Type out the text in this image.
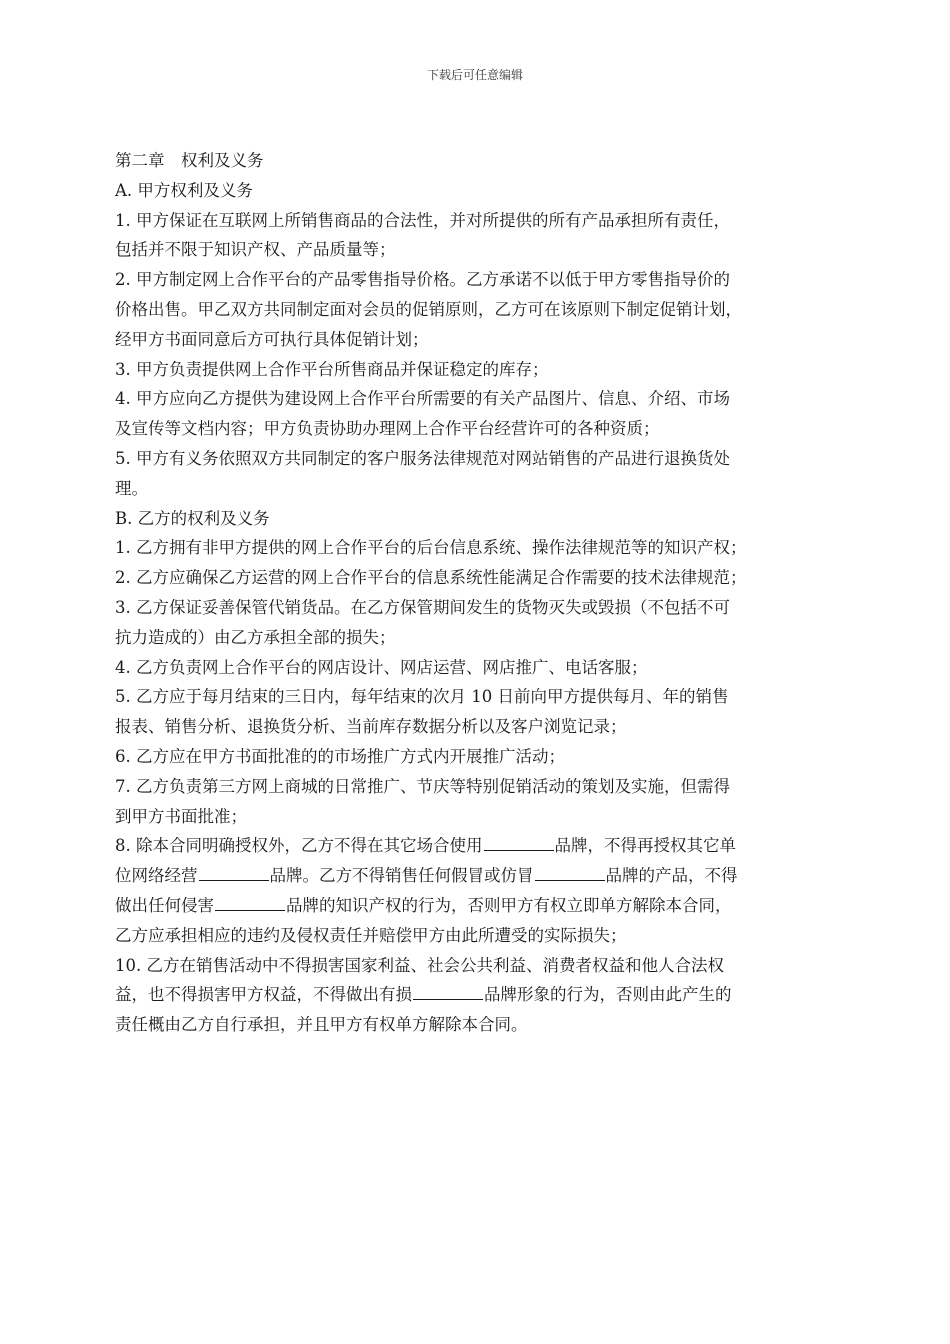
下载后可任意编辑
第二章　权利及义务
A. 甲方权利及义务
1. 甲方保证在互联网上所销售商品的合法性，并对所提供的所有产品承担所有责任，
包括并不限于知识产权、产品质量等；
2. 甲方制定网上合作平台的产品零售指导价格。乙方承诺不以低于甲方零售指导价的
价格出售。甲乙双方共同制定面对会员的促销原则，乙方可在该原则下制定促销计划，
经甲方书面同意后方可执行具体促销计划；
3. 甲方负责提供网上合作平台所售商品并保证稳定的库存；
4. 甲方应向乙方提供为建设网上合作平台所需要的有关产品图片、信息、介绍、市场
及宣传等文档内容；甲方负责协助办理网上合作平台经营许可的各种资质；
5. 甲方有义务依照双方共同制定的客户服务法律规范对网站销售的产品进行退换货处
理。
B. 乙方的权利及义务
1. 乙方拥有非甲方提供的网上合作平台的后台信息系统、操作法律规范等的知识产权；
2. 乙方应确保乙方运营的网上合作平台的信息系统性能满足合作需要的技术法律规范；
3. 乙方保证妥善保管代销货品。在乙方保管期间发生的货物灭失或毁损（不包括不可
抗力造成的）由乙方承担全部的损失；
4. 乙方负责网上合作平台的网店设计、网店运营、网店推广、电话客服；
5. 乙方应于每月结束的三日内，每年结束的次月 10 日前向甲方提供每月、年的销售
报表、销售分析、退换货分析、当前库存数据分析以及客户浏览记录；
6. 乙方应在甲方书面批准的的市场推广方式内开展推广活动；
7. 乙方负责第三方网上商城的日常推广、节庆等特别促销活动的策划及实施，但需得
到甲方书面批准；
8. 除本合同明确授权外，乙方不得在其它场合使用	品牌，不得再授权其它单
位网络经营	品牌。乙方不得销售任何假冒或仿冒	品牌的产品，不得
做出任何侵害	品牌的知识产权的行为，否则甲方有权立即单方解除本合同，
乙方应承担相应的违约及侵权责任并赔偿甲方由此所遭受的实际损失；
10. 乙方在销售活动中不得损害国家利益、社会公共利益、消费者权益和他人合法权
益，也不得损害甲方权益，不得做出有损	品牌形象的行为，否则由此产生的
责任概由乙方自行承担，并且甲方有权单方解除本合同。
